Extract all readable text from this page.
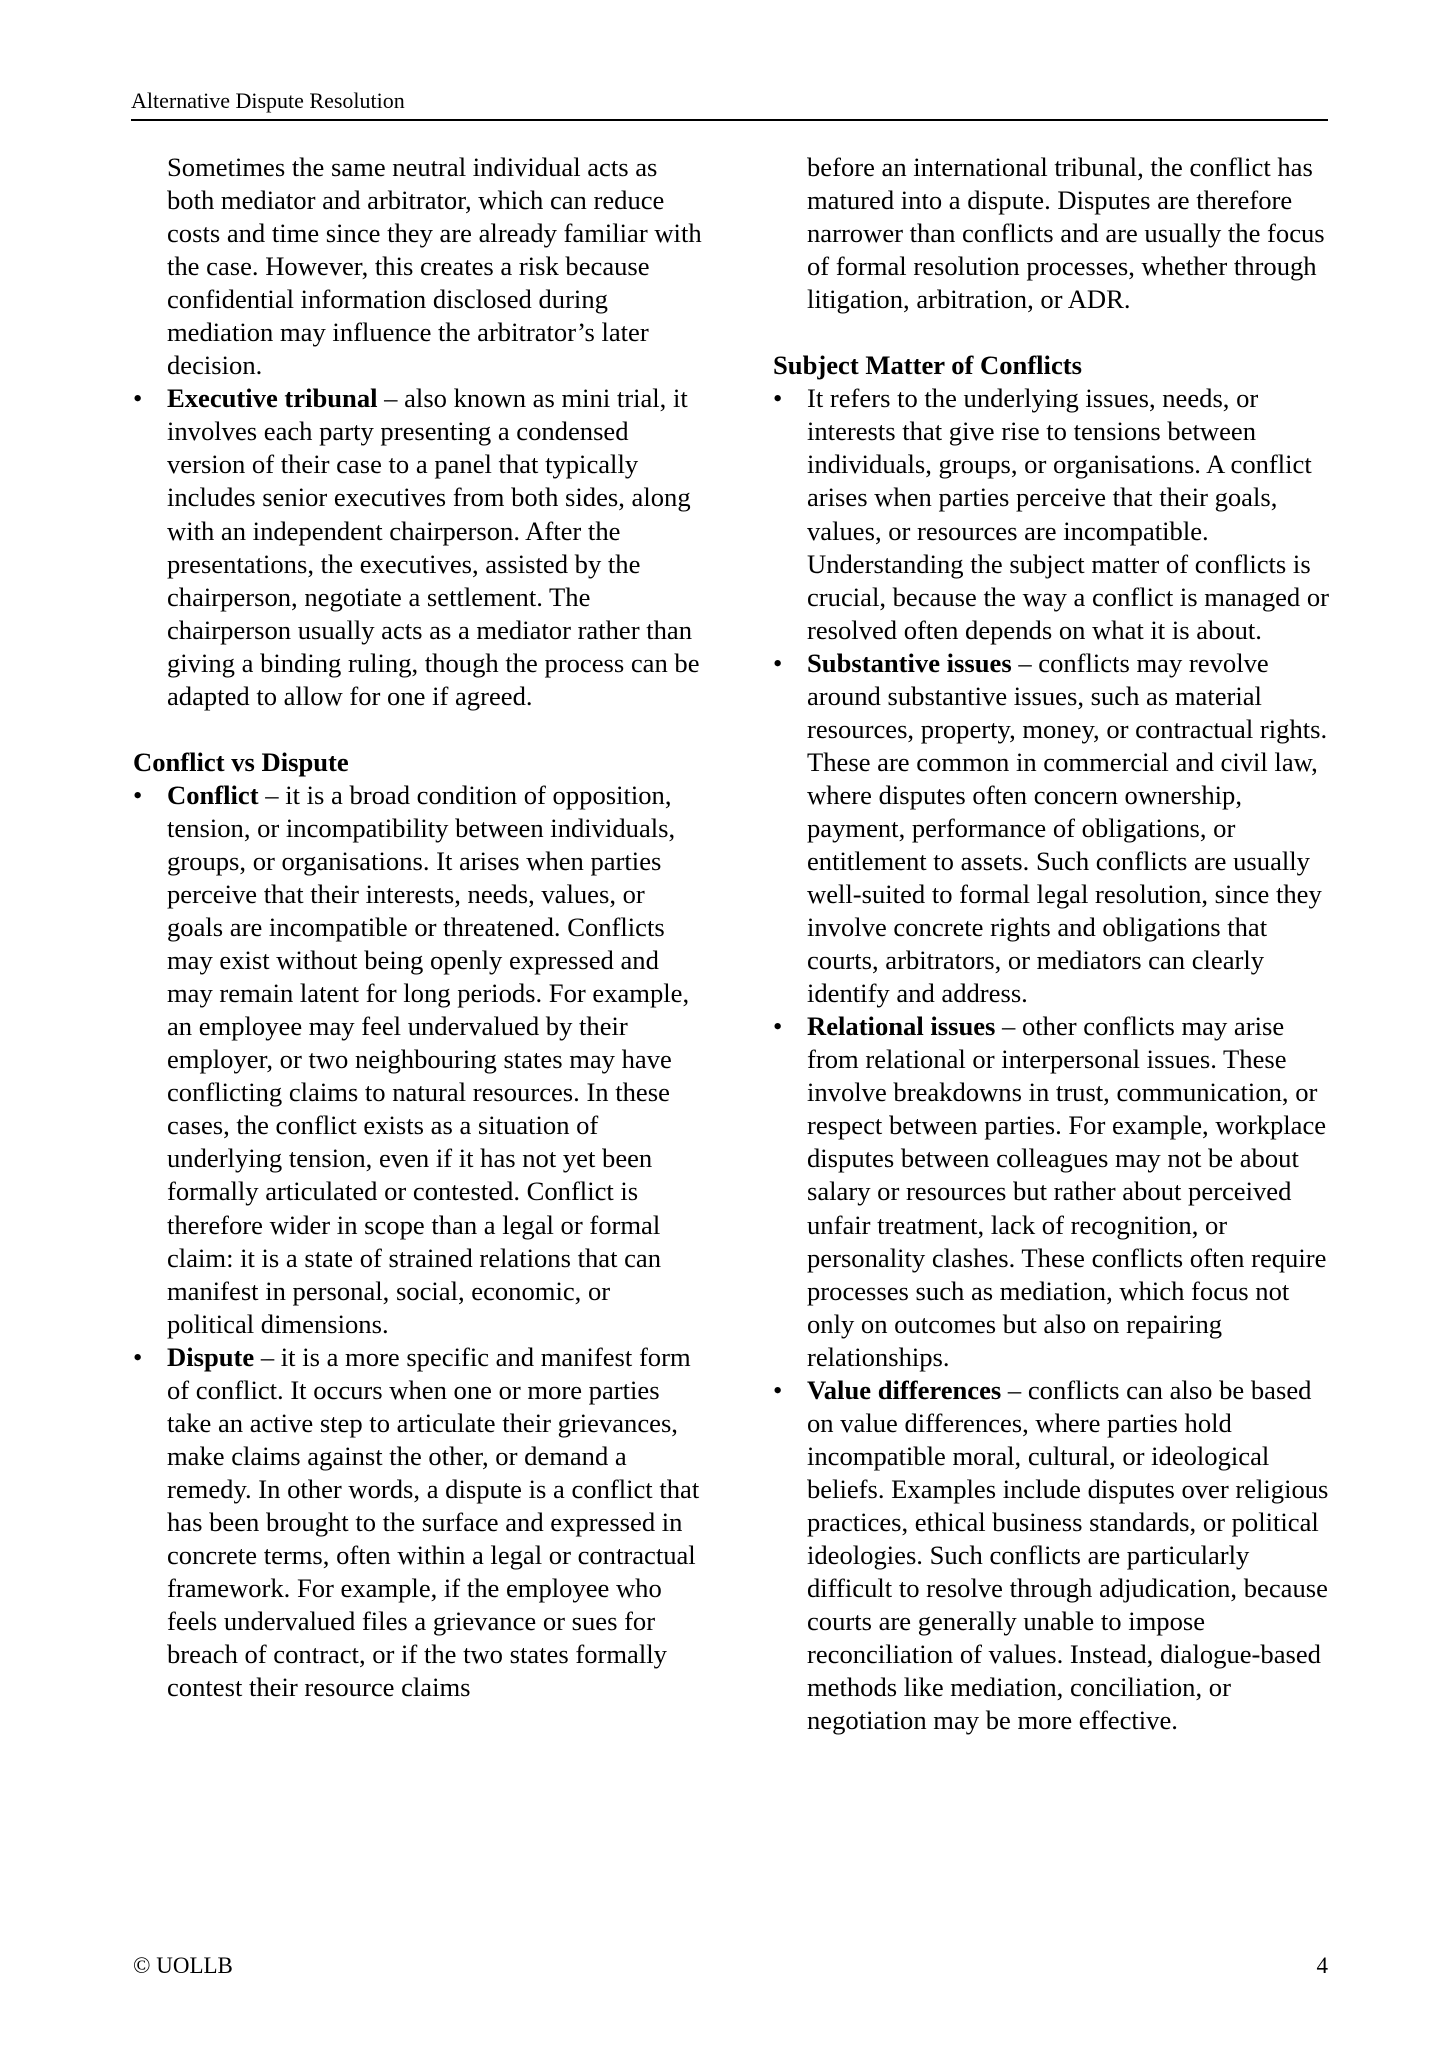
Alternative Dispute Resolution

Sometimes the same neutral individual acts as both mediator and arbitrator, which can reduce costs and time since they are already familiar with the case. However, this creates a risk because confidential information disclosed during mediation may influence the arbitrator’s later decision.

• Executive tribunal – also known as mini trial, it involves each party presenting a condensed version of their case to a panel that typically includes senior executives from both sides, along with an independent chairperson. After the presentations, the executives, assisted by the chairperson, negotiate a settlement. The chairperson usually acts as a mediator rather than giving a binding ruling, though the process can be adapted to allow for one if agreed.

Conflict vs Dispute

• Conflict – it is a broad condition of opposition, tension, or incompatibility between individuals, groups, or organisations. It arises when parties perceive that their interests, needs, values, or goals are incompatible or threatened. Conflicts may exist without being openly expressed and may remain latent for long periods. For example, an employee may feel undervalued by their employer, or two neighbouring states may have conflicting claims to natural resources. In these cases, the conflict exists as a situation of underlying tension, even if it has not yet been formally articulated or contested. Conflict is therefore wider in scope than a legal or formal claim: it is a state of strained relations that can manifest in personal, social, economic, or political dimensions.
• Dispute – it is a more specific and manifest form of conflict. It occurs when one or more parties take an active step to articulate their grievances, make claims against the other, or demand a remedy. In other words, a dispute is a conflict that has been brought to the surface and expressed in concrete terms, often within a legal or contractual framework. For example, if the employee who feels undervalued files a grievance or sues for breach of contract, or if the two states formally contest their resource claims

before an international tribunal, the conflict has matured into a dispute. Disputes are therefore narrower than conflicts and are usually the focus of formal resolution processes, whether through litigation, arbitration, or ADR.

Subject Matter of Conflicts

• It refers to the underlying issues, needs, or interests that give rise to tensions between individuals, groups, or organisations. A conflict arises when parties perceive that their goals, values, or resources are incompatible. Understanding the subject matter of conflicts is crucial, because the way a conflict is managed or resolved often depends on what it is about.
• Substantive issues – conflicts may revolve around substantive issues, such as material resources, property, money, or contractual rights. These are common in commercial and civil law, where disputes often concern ownership, payment, performance of obligations, or entitlement to assets. Such conflicts are usually well-suited to formal legal resolution, since they involve concrete rights and obligations that courts, arbitrators, or mediators can clearly identify and address.
• Relational issues – other conflicts may arise from relational or interpersonal issues. These involve breakdowns in trust, communication, or respect between parties. For example, workplace disputes between colleagues may not be about salary or resources but rather about perceived unfair treatment, lack of recognition, or personality clashes. These conflicts often require processes such as mediation, which focus not only on outcomes but also on repairing relationships.
• Value differences – conflicts can also be based on value differences, where parties hold incompatible moral, cultural, or ideological beliefs. Examples include disputes over religious practices, ethical business standards, or political ideologies. Such conflicts are particularly difficult to resolve through adjudication, because courts are generally unable to impose reconciliation of values. Instead, dialogue-based methods like mediation, conciliation, or negotiation may be more effective.
© UOLLB	4
